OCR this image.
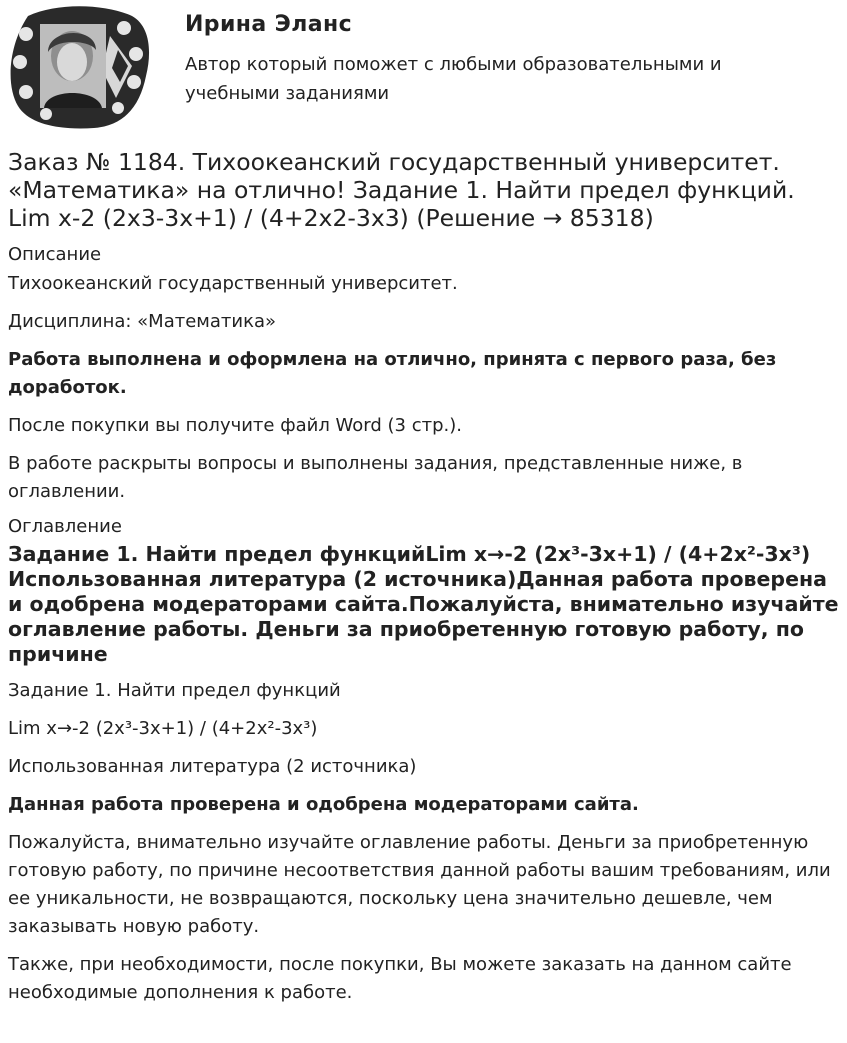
Ирина Эланс
Автор который поможет с любыми образовательными и учебными заданиями
Заказ № 1184. Тихоокеанский государственный университет. «Математика» на отлично! Задание 1. Найти предел функций. Lim x-2 (2x3-3x+1) / (4+2x2-3x3) (Решение → 85318)
Описание

Тихоокеанский государственный университет.

Дисциплина: «Математика»

Работа выполнена и оформлена на отлично, принята с первого раза, без доработок.

После покупки вы получите файл Word (3 стр.).

В работе раскрыты вопросы и выполнены задания, представленные ниже, в оглавлении.

Оглавление
Задание 1. Найти предел функцийLim x→-2 (2x³-3x+1) / (4+2x²-3x³) Использованная литература (2 источника)Данная работа проверена и одобрена модераторами сайта.Пожалуйста, внимательно изучайте оглавление работы. Деньги за приобретенную готовую работу, по причине

Задание 1. Найти предел функций

Lim x→-2 (2x³-3x+1) / (4+2x²-3x³)

Использованная литература (2 источника)

Данная работа проверена и одобрена модераторами сайта.

Пожалуйста, внимательно изучайте оглавление работы. Деньги за приобретенную готовую работу, по причине несоответствия данной работы вашим требованиям, или ее уникальности, не возвращаются, поскольку цена значительно дешевле, чем заказывать новую работу.

Также, при необходимости, после покупки, Вы можете заказать на данном сайте необходимые дополнения к работе.
